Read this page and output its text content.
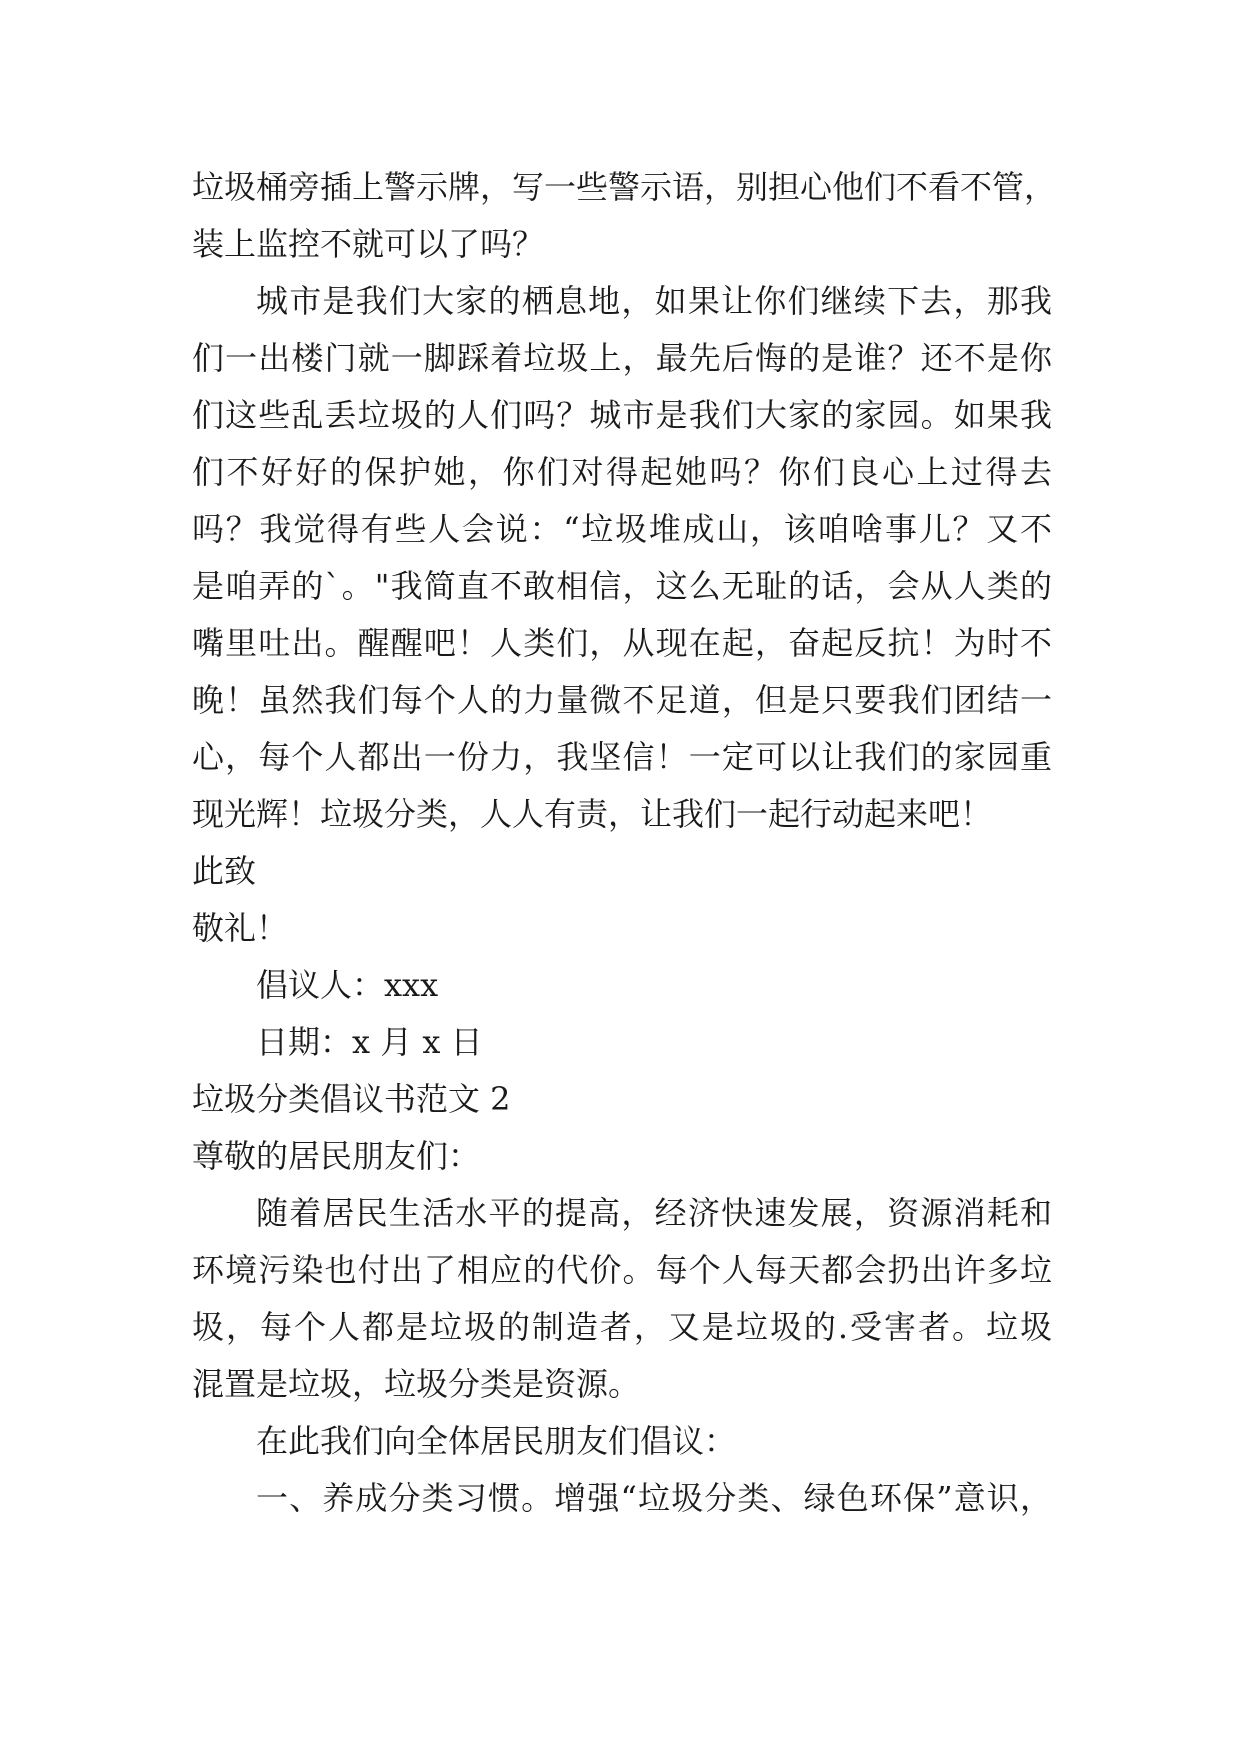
垃圾桶旁插上警示牌，写一些警示语，别担心他们不看不管，
装上监控不就可以了吗？
城市是我们大家的栖息地，如果让你们继续下去，那我
们一出楼门就一脚踩着垃圾上，最先后悔的是谁？还不是你
们这些乱丢垃圾的人们吗？城市是我们大家的家园。如果我
们不好好的保护她，你们对得起她吗？你们良心上过得去
吗？我觉得有些人会说：“垃圾堆成山，该咱啥事儿？又不
是咱弄的`。"我简直不敢相信，这么无耻的话，会从人类的
嘴里吐出。醒醒吧！人类们，从现在起，奋起反抗！为时不
晚！虽然我们每个人的力量微不足道，但是只要我们团结一
心，每个人都出一份力，我坚信！一定可以让我们的家园重
现光辉！垃圾分类，人人有责，让我们一起行动起来吧！
此致
敬礼！
倡议人：xxx
日期：x 月 x 日
垃圾分类倡议书范文 2
尊敬的居民朋友们：
随着居民生活水平的提高，经济快速发展，资源消耗和
环境污染也付出了相应的代价。每个人每天都会扔出许多垃
圾，每个人都是垃圾的制造者，又是垃圾的.受害者。垃圾
混置是垃圾，垃圾分类是资源。
在此我们向全体居民朋友们倡议：
一、养成分类习惯。增强“垃圾分类、绿色环保”意识，
